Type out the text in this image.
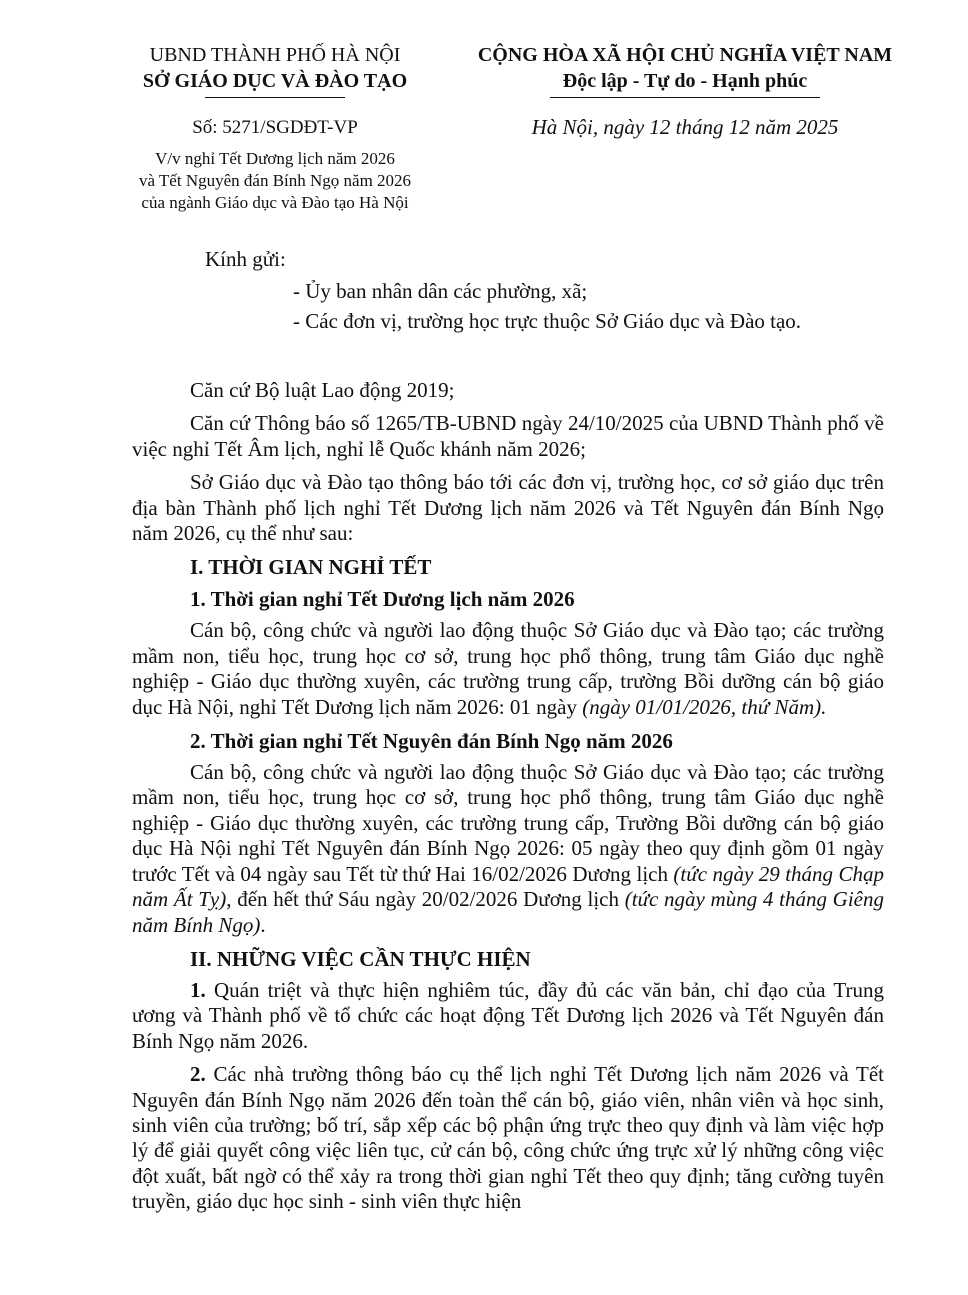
UBND THÀNH PHỐ HÀ NỘI
SỞ GIÁO DỤC VÀ ĐÀO TẠO
CỘNG HÒA XÃ HỘI CHỦ NGHĨA VIỆT NAM
Độc lập - Tự do - Hạnh phúc
Số: 5271/SGDĐT-VP	Hà Nội, ngày 12 tháng 12 năm 2025
V/v nghỉ Tết Dương lịch năm 2026
và Tết Nguyên đán Bính Ngọ năm 2026
của ngành Giáo dục và Đào tạo Hà Nội
Kính gửi:
- Ủy ban nhân dân các phường, xã;
- Các đơn vị, trường học trực thuộc Sở Giáo dục và Đào tạo.

Căn cứ Bộ luật Lao động 2019;

Căn cứ Thông báo số 1265/TB-UBND ngày 24/10/2025 của UBND Thành phố về việc nghỉ Tết Âm lịch, nghỉ lễ Quốc khánh năm 2026;

Sở Giáo dục và Đào tạo thông báo tới các đơn vị, trường học, cơ sở giáo dục trên địa bàn Thành phố lịch nghỉ Tết Dương lịch năm 2026 và Tết Nguyên đán Bính Ngọ năm 2026, cụ thể như sau:

I. THỜI GIAN NGHỈ TẾT
1. Thời gian nghỉ Tết Dương lịch năm 2026

Cán bộ, công chức và người lao động thuộc Sở Giáo dục và Đào tạo; các trường mầm non, tiểu học, trung học cơ sở, trung học phổ thông, trung tâm Giáo dục nghề nghiệp - Giáo dục thường xuyên, các trường trung cấp, trường Bồi dưỡng cán bộ giáo dục Hà Nội, nghỉ Tết Dương lịch năm 2026: 01 ngày (ngày 01/01/2026, thứ Năm).

2. Thời gian nghỉ Tết Nguyên đán Bính Ngọ năm 2026

Cán bộ, công chức và người lao động thuộc Sở Giáo dục và Đào tạo; các trường mầm non, tiểu học, trung học cơ sở, trung học phổ thông, trung tâm Giáo dục nghề nghiệp - Giáo dục thường xuyên, các trường trung cấp, Trường Bồi dưỡng cán bộ giáo dục Hà Nội nghỉ Tết Nguyên đán Bính Ngọ 2026: 05 ngày theo quy định gồm 01 ngày trước Tết và 04 ngày sau Tết từ thứ Hai 16/02/2026 Dương lịch (tức ngày 29 tháng Chạp năm Ất Tỵ), đến hết thứ Sáu ngày 20/02/2026 Dương lịch (tức ngày mùng 4 tháng Giêng năm Bính Ngọ).

II. NHỮNG VIỆC CẦN THỰC HIỆN

1. Quán triệt và thực hiện nghiêm túc, đầy đủ các văn bản, chỉ đạo của Trung ương và Thành phố về tổ chức các hoạt động Tết Dương lịch 2026 và Tết Nguyên đán Bính Ngọ năm 2026.

2. Các nhà trường thông báo cụ thể lịch nghỉ Tết Dương lịch năm 2026 và Tết Nguyên đán Bính Ngọ năm 2026 đến toàn thể cán bộ, giáo viên, nhân viên và học sinh, sinh viên của trường; bố trí, sắp xếp các bộ phận ứng trực theo quy định và làm việc hợp lý để giải quyết công việc liên tục, cử cán bộ, công chức ứng trực xử lý những công việc đột xuất, bất ngờ có thể xảy ra trong thời gian nghỉ Tết theo quy định; tăng cường tuyên truyền, giáo dục học sinh - sinh viên thực hiện
